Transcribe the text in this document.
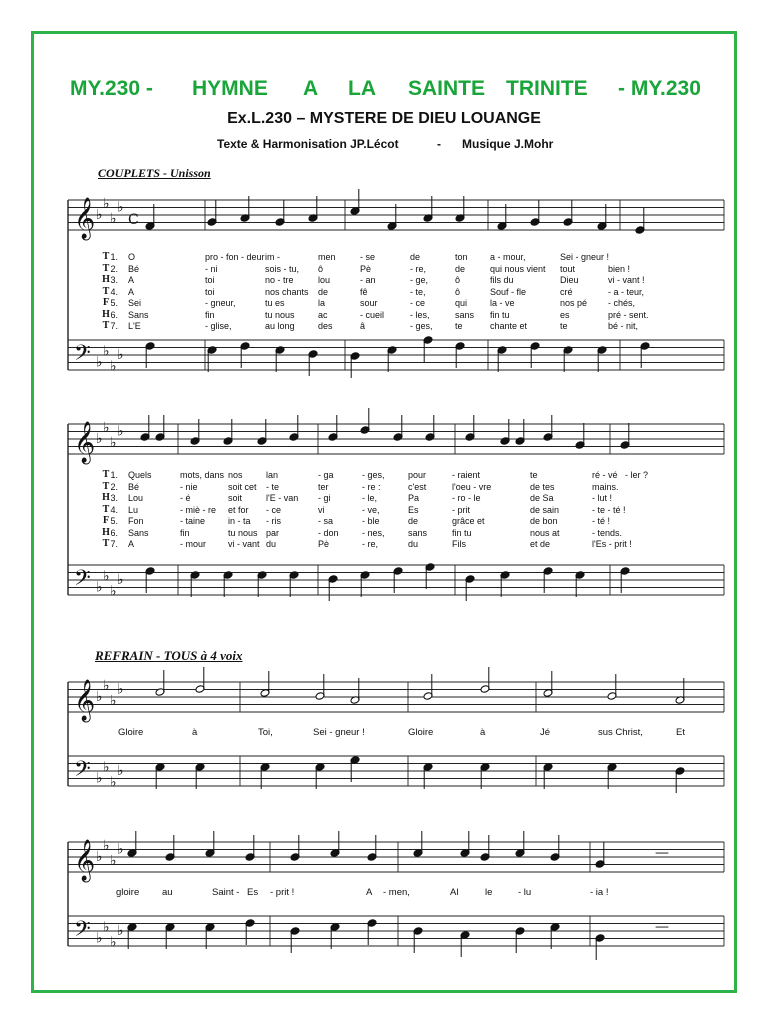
MY.230 - HYMNE A LA SAINTE TRINITE - MY.230
Ex.L.230 – MYSTERE DE DIEU LOUANGE
Texte & Harmonisation JP.Lécot	- Musique J.Mohr
COUPLETS - Unisson
REFRAIN - TOUS à 4 voix
𝄞
𝄢
♭
♭
♭
♭
♭
♭
♭
♭
C
𝄞
𝄢
♭
♭
♭
♭
♭
♭
♭
♭
𝄞
𝄢
♭
♭
♭
♭
♭
♭
♭
♭
𝄞
𝄢
♭
♭
♭
♭
♭
♭
♭
♭
—
—
T 1. O	pro - fon - deur im -	men	- se	de	ton a - mour,	Sei - gneur !
T 2. Bé	- ni	sois - tu, ô	Pè	- re,	de	qui nous vient tout	bien !
H 3. A	toi	no - tre	lou	- an	- ge,	ô	fils du	Dieu	vi - vant !
T 4. A	toi	nos chants de	fê	- te,	ô	Souf - fle	cré	- a - teur,
F 5. Sei	- gneur,	tu es	la	sour	- ce	qui	la - ve	nos pé - chés,
H 6. Sans	fin	tu nous	ac	- cueil	- les,	sans fin tu	es	pré - sent.
T 7. L'E	- glise,	au long	des	â	- ges, te	chante et	te	bé - nit,
T 1. Quels	mots, dans nos	lan	- ga	- ges,	pour	- raient	te	ré - vé - ler ?
T 2. Bé	- nie	soit cet - te	ter	- re :	c'est	l'oeu - vre	de tes	mains.
H 3. Lou	- é	soit	l'E - van - gi	- le,	Pa	- ro - le	de Sa	- lut !
T 4. Lu	- miè - re et for - ce	vi	- ve,	Es	- prit	de sain	- te - té !
F 5. Fon	- taine	in - ta - ris	- sa	- ble	de	grâce et	de bon	- té !
H 6. Sans	fin	tu nous par	- don	- nes,	sans	fin tu	nous at	- tends.
T 7. A	- mour vi - vant du	Pè	- re,	du	Fils	et de	l'Es - prit !
Gloire	à	Toi,	Sei - gneur !	Gloire	à	Jé	sus Christ,	Et
gloire au	Saint - Es - prit !	A - men,	Al	le	- lu	- ia !
